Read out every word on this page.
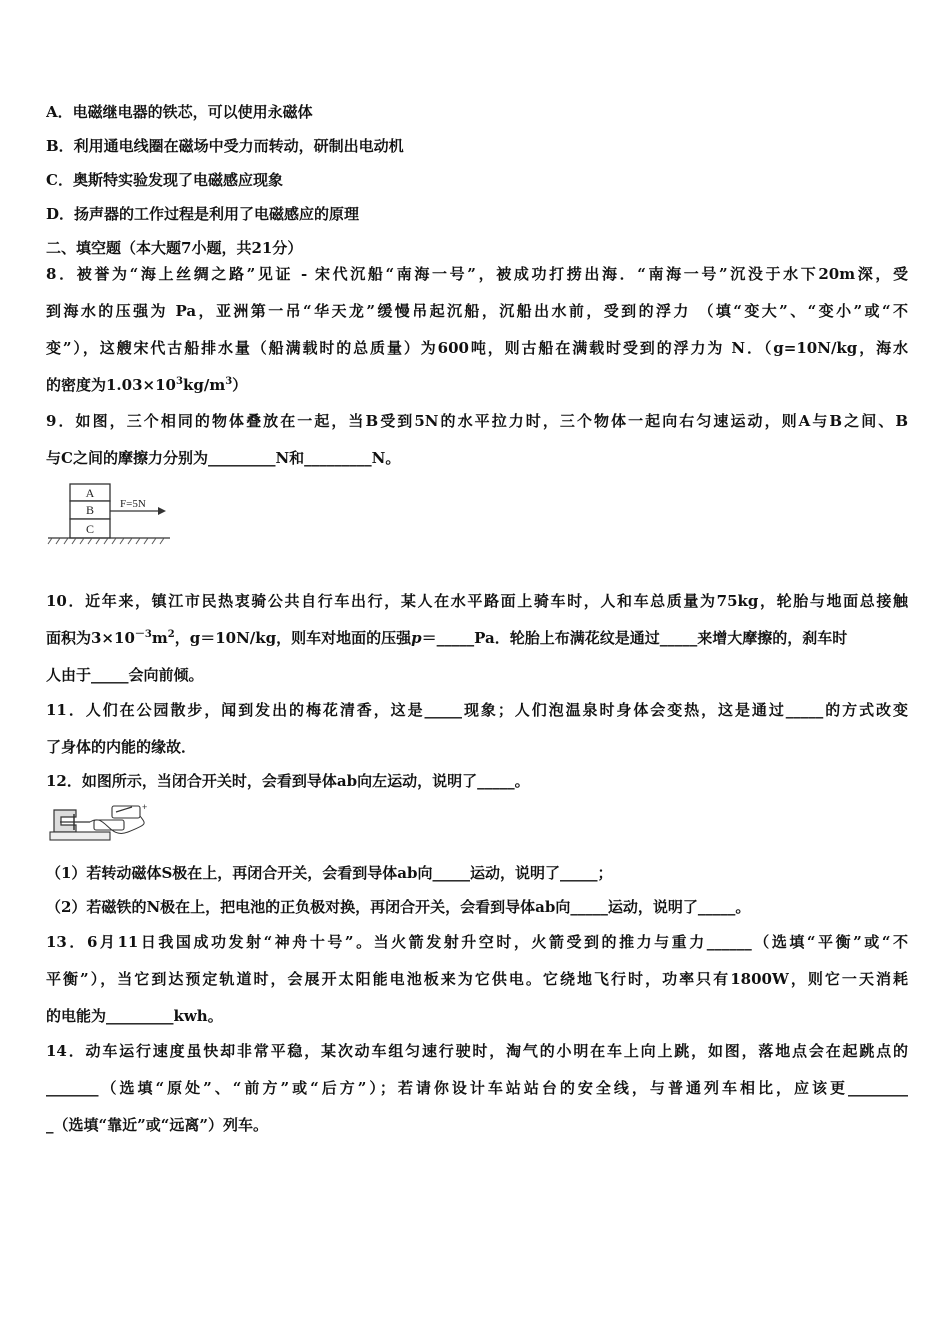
A．电磁继电器的铁芯，可以使用永磁体
B．利用通电线圈在磁场中受力而转动，研制出电动机
C．奥斯特实验发现了电磁感应现象
D．扬声器的工作过程是利用了电磁感应的原理
二、填空题（本大题7小题，共21分）
8．被誉为“海上丝绸之路”见证 - 宋代沉船“南海一号”，被成功打捞出海．“南海一号”沉没于水下20m深，受
到海水的压强为 Pa，亚洲第一吊“华天龙”缓慢吊起沉船，沉船出水前，受到的浮力 （填“变大”、“变小”或“不
变”），这艘宋代古船排水量（船满载时的总质量）为600吨，则古船在满载时受到的浮力为 N．（g=10N/kg，海水
的密度为$1.03\times 10^3kg/m^3$）
9．如图，三个相同的物体叠放在一起，当B受到5N的水平拉力时，三个物体一起向右匀速运动，则A与B之间、B
与C之间的摩擦力分别为_________N和_________N。
A
B
C
F=5N
10．近年来，镇江市民热衷骑公共自行车出行，某人在水平路面上骑车时，人和车总质量为75kg，轮胎与地面总接触
面积为$3\times 10^{-3}m^2$，g＝10N/kg，则车对地面的压强p＝_____Pa．轮胎上布满花纹是通过_____来增大摩擦的，刹车时
人由于_____会向前倾。
11．人们在公园散步，闻到发出的梅花清香，这是_____现象；人们泡温泉时身体会变热，这是通过_____的方式改变
了身体的内能的缘故．
12．如图所示，当闭合开关时，会看到导体ab向左运动，说明了_____。
+
（1）若转动磁体S极在上，再闭合开关，会看到导体ab向_____运动，说明了_____；
（2）若磁铁的N极在上，把电池的正负极对换，再闭合开关，会看到导体ab向_____运动，说明了_____。
13．6月11日我国成功发射“神舟十号”。当火箭发射升空时，火箭受到的推力与重力______（选填“平衡”或“不
平衡”），当它到达预定轨道时，会展开太阳能电池板来为它供电。它绕地飞行时，功率只有1800W，则它一天消耗
的电能为_________kwh。
14．动车运行速度虽快却非常平稳，某次动车组匀速行驶时，淘气的小明在车上向上跳，如图，落地点会在起跳点的
_______（选填“原处”、“前方”或“后方”）；若请你设计车站站台的安全线，与普通列车相比，应该更________
_（选填“靠近”或“远离”）列车。
